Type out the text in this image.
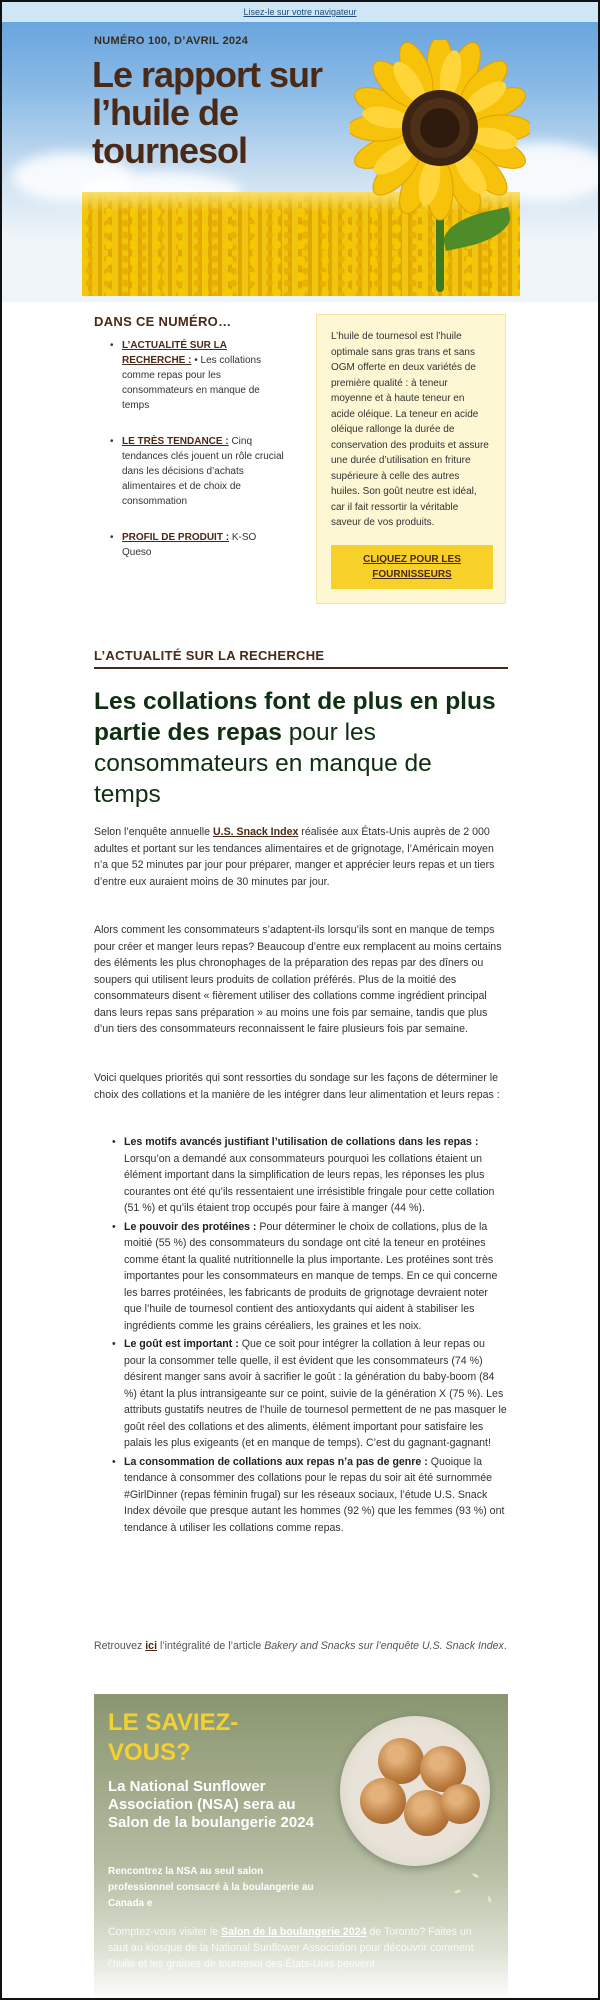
Lisez-le sur votre navigateur
NUMÉRO 100, D’AVRIL 2024
Le rapport sur l’huile de tournesol
DANS CE NUMÉRO…
• L’ACTUALITÉ SUR LA RECHERCHE : • Les collations comme repas pour les consommateurs en manque de temps
• LE TRÈS TENDANCE : Cinq tendances clés jouent un rôle crucial dans les décisions d’achats alimentaires et de choix de consommation
• PROFIL DE PRODUIT : K-SO Queso

L’huile de tournesol est l’huile optimale sans gras trans et sans OGM offerte en deux variétés de première qualité : à teneur moyenne et à haute teneur en acide oléique. La teneur en acide oléique rallonge la durée de conservation des produits et assure une durée d’utilisation en friture supérieure à celle des autres huiles. Son goût neutre est idéal, car il fait ressortir la véritable saveur de vos produits.

CLIQUEZ POUR LES FOURNISSEURS
L’ACTUALITÉ SUR LA RECHERCHE
Les collations font de plus en plus partie des repas pour les consommateurs en manque de temps

Selon l’enquête annuelle U.S. Snack Index réalisée aux États-Unis auprès de 2 000 adultes et portant sur les tendances alimentaires et de grignotage, l’Américain moyen n’a que 52 minutes par jour pour préparer, manger et apprécier leurs repas et un tiers d’entre eux auraient moins de 30 minutes par jour.

Alors comment les consommateurs s’adaptent-ils lorsqu’ils sont en manque de temps pour créer et manger leurs repas? Beaucoup d’entre eux remplacent au moins certains des éléments les plus chronophages de la préparation des repas par des dîners ou soupers qui utilisent leurs produits de collation préférés. Plus de la moitié des consommateurs disent « fièrement utiliser des collations comme ingrédient principal dans leurs repas sans préparation » au moins une fois par semaine, tandis que plus d’un tiers des consommateurs reconnaissent le faire plusieurs fois par semaine.

Voici quelques priorités qui sont ressorties du sondage sur les façons de déterminer le choix des collations et la manière de les intégrer dans leur alimentation et leurs repas :

• Les motifs avancés justifiant l’utilisation de collations dans les repas : Lorsqu’on a demandé aux consommateurs pourquoi les collations étaient un élément important dans la simplification de leurs repas, les réponses les plus courantes ont été qu’ils ressentaient une irrésistible fringale pour cette collation (51 %) et qu’ils étaient trop occupés pour faire à manger (44 %).
• Le pouvoir des protéines : Pour déterminer le choix de collations, plus de la moitié (55 %) des consommateurs du sondage ont cité la teneur en protéines comme étant la qualité nutritionnelle la plus importante. Les protéines sont très importantes pour les consommateurs en manque de temps. En ce qui concerne les barres protéinées, les fabricants de produits de grignotage devraient noter que l’huile de tournesol contient des antioxydants qui aident à stabiliser les ingrédients comme les grains céréaliers, les graines et les noix.
• Le goût est important : Que ce soit pour intégrer la collation à leur repas ou pour la consommer telle quelle, il est évident que les consommateurs (74 %) désirent manger sans avoir à sacrifier le goût : la génération du baby-boom (84 %) étant la plus intransigeante sur ce point, suivie de la génération X (75 %). Les attributs gustatifs neutres de l’huile de tournesol permettent de ne pas masquer le goût réel des collations et des aliments, élément important pour satisfaire les palais les plus exigeants (et en manque de temps). C’est du gagnant-gagnant!
• La consommation de collations aux repas n’a pas de genre : Quoique la tendance à consommer des collations pour le repas du soir ait été surnommée #GirlDinner (repas féminin frugal) sur les réseaux sociaux, l’étude U.S. Snack Index dévoile que presque autant les hommes (92 %) que les femmes (93 %) ont tendance à utiliser les collations comme repas.

Retrouvez ici l’intégralité de l’article Bakery and Snacks sur l’enquête U.S. Snack Index.

LE SAVIEZ-VOUS?
La National Sunflower Association (NSA) sera au Salon de la boulangerie 2024
Rencontrez la NSA au seul salon professionnel consacré à la boulangerie au Canada e
Comptez-vous visiter le Salon de la boulangerie 2024 de Toronto? Faites un saut au kiosque de la National Sunflower Association pour découvrir comment l’huile et les graines de tournesol des États-Unis peuvent
